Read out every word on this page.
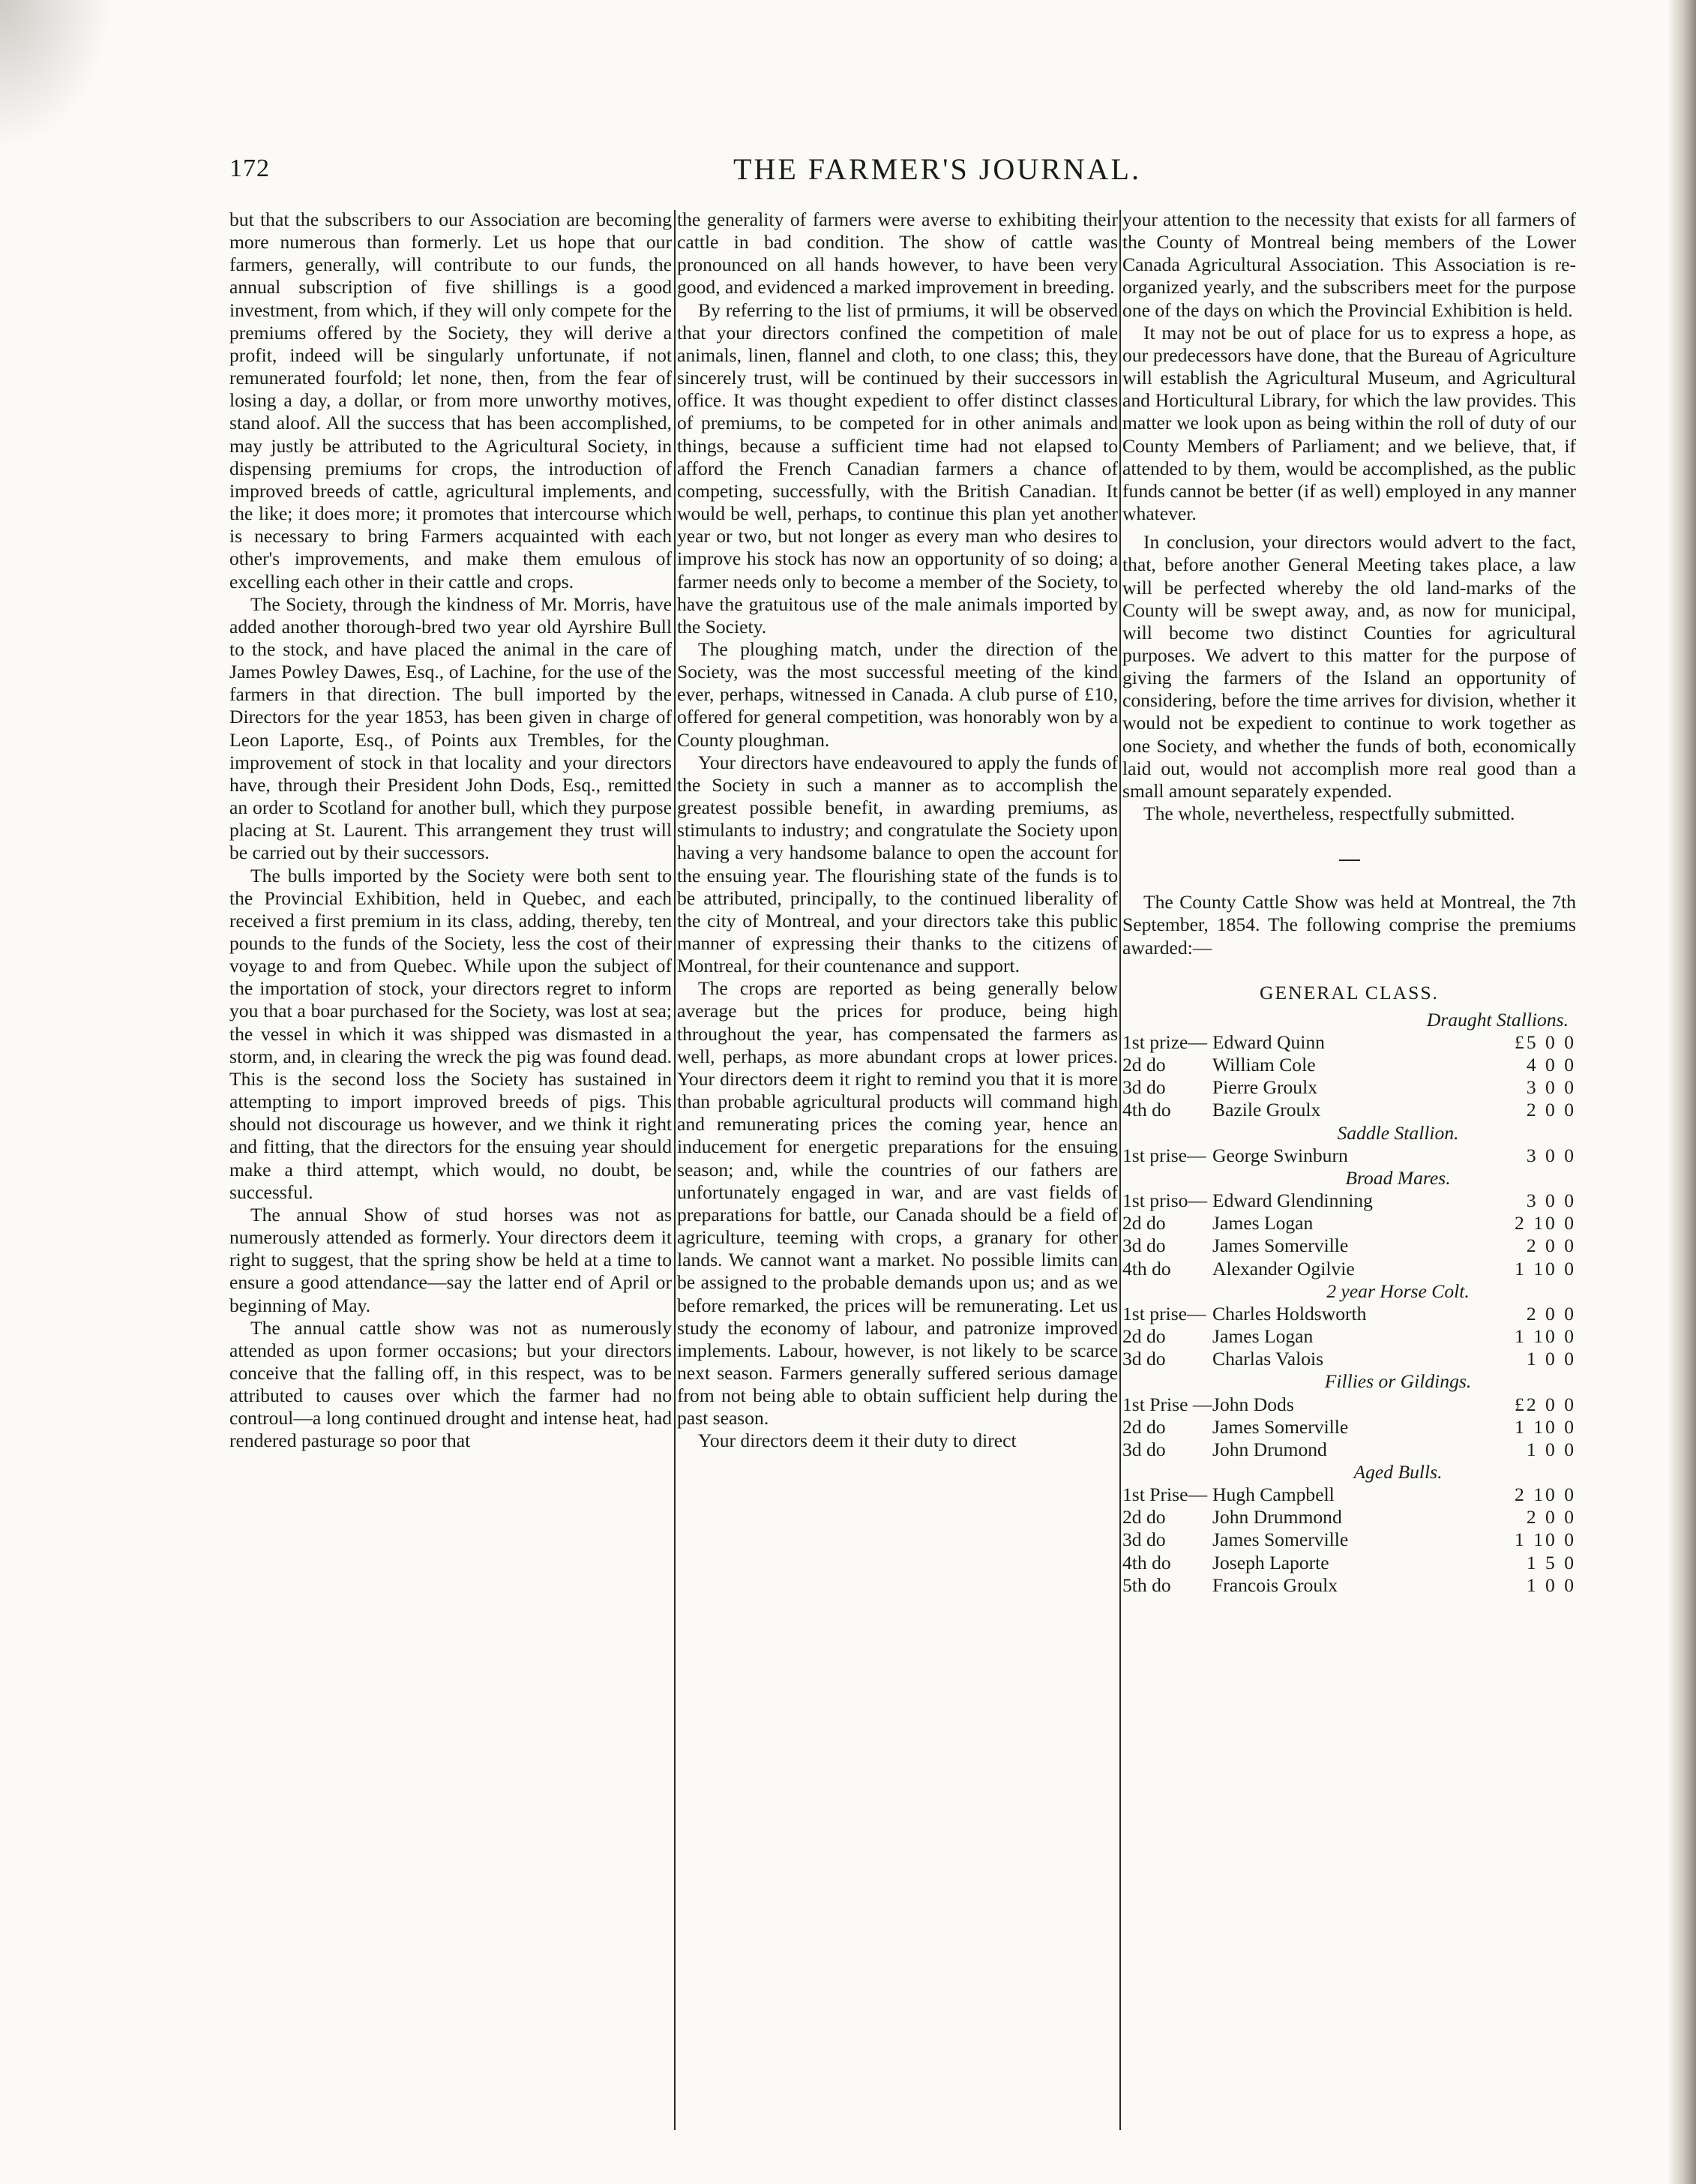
172	THE FARMER'S JOURNAL.

but that the subscribers to our Association are becoming more numerous than formerly. Let us hope that our farmers, generally, will contribute to our funds, the annual subscription of five shillings is a good investment, from which, if they will only compete for the premiums offered by the Society, they will derive a profit, indeed will be singularly unfortunate, if not remunerated fourfold; let none, then, from the fear of losing a day, a dollar, or from more unworthy motives, stand aloof. All the success that has been accomplished, may justly be attributed to the Agricultural Society, in dispensing premiums for crops, the introduction of improved breeds of cattle, agricultural implements, and the like; it does more; it promotes that intercourse which is necessary to bring Farmers acquainted with each other's improvements, and make them emulous of excelling each other in their cattle and crops.

The Society, through the kindness of Mr. Morris, have added another thorough-bred two year old Ayrshire Bull to the stock, and have placed the animal in the care of James Powley Dawes, Esq., of Lachine, for the use of the farmers in that direction. The bull imported by the Directors for the year 1853, has been given in charge of Leon Laporte, Esq., of Points aux Trembles, for the improvement of stock in that locality and your directors have, through their President John Dods, Esq., remitted an order to Scotland for another bull, which they purpose placing at St. Laurent. This arrangement they trust will be carried out by their successors.

The bulls imported by the Society were both sent to the Provincial Exhibition, held in Quebec, and each received a first premium in its class, adding, thereby, ten pounds to the funds of the Society, less the cost of their voyage to and from Quebec. While upon the subject of the importation of stock, your directors regret to inform you that a boar purchased for the Society, was lost at sea; the vessel in which it was shipped was dismasted in a storm, and, in clearing the wreck the pig was found dead. This is the second loss the Society has sustained in attempting to import improved breeds of pigs. This should not discourage us however, and we think it right and fitting, that the directors for the ensuing year should make a third attempt, which would, no doubt, be successful.

The annual Show of stud horses was not as numerously attended as formerly. Your directors deem it right to suggest, that the spring show be held at a time to ensure a good attendance—say the latter end of April or beginning of May.

The annual cattle show was not as numerously attended as upon former occasions; but your directors conceive that the falling off, in this respect, was to be attributed to causes over which the farmer had no controul—a long continued drought and intense heat, had rendered pasturage so poor that

the generality of farmers were averse to exhibiting their cattle in bad condition. The show of cattle was pronounced on all hands however, to have been very good, and evidenced a marked improvement in breeding.

By referring to the list of prmiums, it will be observed that your directors confined the competition of male animals, linen, flannel and cloth, to one class; this, they sincerely trust, will be continued by their successors in office. It was thought expedient to offer distinct classes of premiums, to be competed for in other animals and things, because a sufficient time had not elapsed to afford the French Canadian farmers a chance of competing, successfully, with the British Canadian. It would be well, perhaps, to continue this plan yet another year or two, but not longer as every man who desires to improve his stock has now an opportunity of so doing; a farmer needs only to become a member of the Society, to have the gratuitous use of the male animals imported by the Society.

The ploughing match, under the direction of the Society, was the most successful meeting of the kind ever, perhaps, witnessed in Canada. A club purse of £10, offered for general competition, was honorably won by a County ploughman.

Your directors have endeavoured to apply the funds of the Society in such a manner as to accomplish the greatest possible benefit, in awarding premiums, as stimulants to industry; and congratulate the Society upon having a very handsome balance to open the account for the ensuing year. The flourishing state of the funds is to be attributed, principally, to the continued liberality of the city of Montreal, and your directors take this public manner of expressing their thanks to the citizens of Montreal, for their countenance and support.

The crops are reported as being generally below average but the prices for produce, being high throughout the year, has compensated the farmers as well, perhaps, as more abundant crops at lower prices. Your directors deem it right to remind you that it is more than probable agricultural products will command high and remunerating prices the coming year, hence an inducement for energetic preparations for the ensuing season; and, while the countries of our fathers are unfortunately engaged in war, and are vast fields of preparations for battle, our Canada should be a field of agriculture, teeming with crops, a granary for other lands. We cannot want a market. No possible limits can be assigned to the probable demands upon us; and as we before remarked, the prices will be remunerating. Let us study the economy of labour, and patronize improved implements. Labour, however, is not likely to be scarce next season. Farmers generally suffered serious damage from not being able to obtain sufficient help during the past season.

Your directors deem it their duty to direct

your attention to the necessity that exists for all farmers of the County of Montreal being members of the Lower Canada Agricultural Association. This Association is re-organized yearly, and the subscribers meet for the purpose one of the days on which the Provincial Exhibition is held.

It may not be out of place for us to express a hope, as our predecessors have done, that the Bureau of Agriculture will establish the Agricultural Museum, and Agricultural and Horticultural Library, for which the law provides. This matter we look upon as being within the roll of duty of our County Members of Parliament; and we believe, that, if attended to by them, would be accomplished, as the public funds cannot be better (if as well) employed in any manner whatever.

In conclusion, your directors would advert to the fact, that, before another General Meeting takes place, a law will be perfected whereby the old land-marks of the County will be swept away, and, as now for municipal, will become two distinct Counties for agricultural purposes. We advert to this matter for the purpose of giving the farmers of the Island an opportunity of considering, before the time arrives for division, whether it would not be expedient to continue to work together as one Society, and whether the funds of both, economically laid out, would not accomplish more real good than a small amount separately expended.

The whole, nevertheless, respectfully submitted.

The County Cattle Show was held at Montreal, the 7th September, 1854. The following comprise the premiums awarded:—

GENERAL CLASS.
Draught Stallions.
1st prize— Edward Quinn	£5 0 0
2d do	William Cole	4 0 0
3d do	Pierre Groulx	3 0 0
4th do	Bazile Groulx	2 0 0
Saddle Stallion.
1st prise— George Swinburn	3 0 0
Broad Mares.
1st priso— Edward Glendinning	3 0 0
2d do	James Logan	2 10 0
3d do	James Somerville	2 0 0
4th do	Alexander Ogilvie	1 10 0
2 year Horse Colt.
1st prise— Charles Holdsworth	2 0 0
2d do	James Logan	1 10 0
3d do	Charlas Valois	1 0 0
Fillies or Gildings.
1st Prise — John Dods	£2 0 0
2d do	James Somerville	1 10 0
3d do	John Drumond	1 0 0
Aged Bulls.
1st Prise— Hugh Campbell	2 10 0
2d do	John Drummond	2 0 0
3d do	James Somerville	1 10 0
4th do	Joseph Laporte	1 5 0
5th do	Francois Groulx	1 0 0
